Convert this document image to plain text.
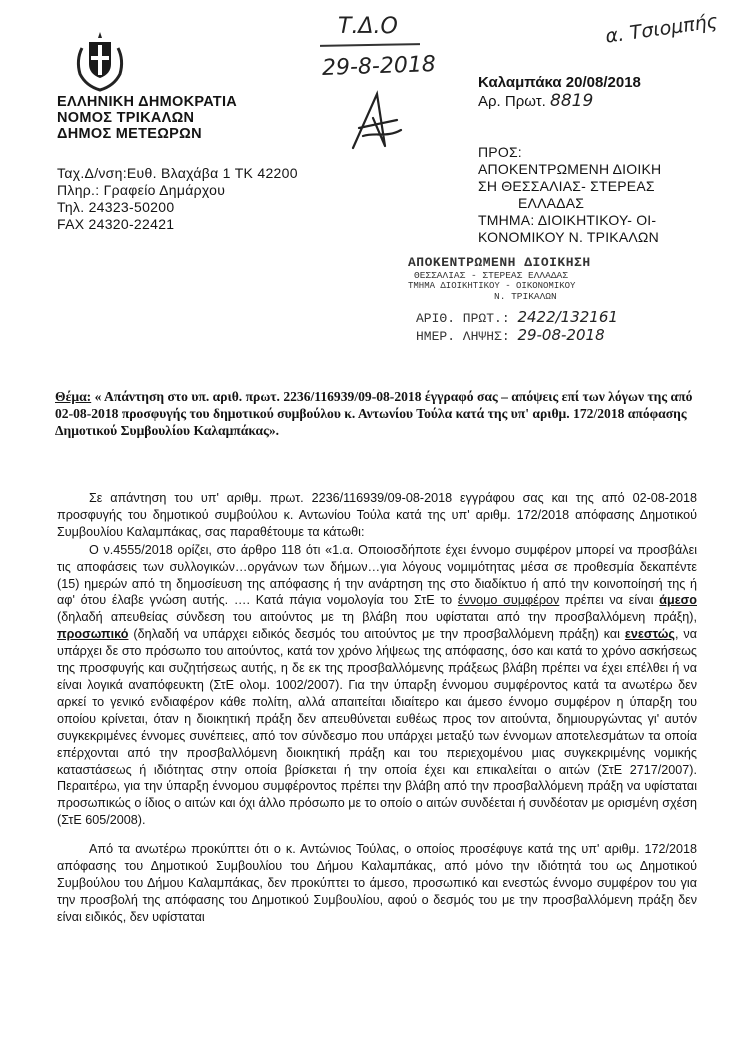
Τ.Δ.Ο
29-8-2018
α. Τσιομπής
ΕΛΛΗΝΙΚΗ ΔΗΜΟΚΡΑΤΙΑ
ΝΟΜΟΣ ΤΡΙΚΑΛΩΝ
ΔΗΜΟΣ ΜΕΤΕΩΡΩΝ
Καλαμπάκα 20/08/2018
Αρ. Πρωτ. 8819
Ταχ.Δ/νση:Ευθ. Βλαχάβα 1 ΤΚ 42200
Πληρ.: Γραφείο Δημάρχου
Τηλ. 24323-50200
FAX 24320-22421
ΠΡΟΣ:
ΑΠΟΚΕΝΤΡΩΜΕΝΗ ΔΙΟΙΚΗ
ΣΗ ΘΕΣΣΑΛΙΑΣ- ΣΤΕΡΕΑΣ
ΕΛΛΑΔΑΣ
ΤΜΗΜΑ: ΔΙΟΙΚΗΤΙΚΟΥ- ΟΙ-
ΚΟΝΟΜΙΚΟΥ Ν. ΤΡΙΚΑΛΩΝ
ΑΠΟΚΕΝΤΡΩΜΕΝΗ ΔΙΟΙΚΗΣΗ
ΘΕΣΣΑΛΙΑΣ - ΣΤΕΡΕΑΣ ΕΛΛΑΔΑΣ
ΤΜΗΜΑ ΔΙΟΙΚΗΤΙΚΟΥ - ΟΙΚΟΝΟΜΙΚΟΥ
Ν. ΤΡΙΚΑΛΩΝ
ΑΡΙΘ. ΠΡΩΤ.: 2422/132161
ΗΜΕΡ. ΛΗΨΗΣ: 29-08-2018
Θέμα: « Απάντηση στο υπ. αριθ. πρωτ. 2236/116939/09-08-2018 έγγραφό σας – απόψεις επί των λόγων της από 02-08-2018 προσφυγής του δημοτικού συμβούλου κ. Αντωνίου Τούλα κατά της υπ' αριθμ. 172/2018 απόφασης Δημοτικού Συμβουλίου Καλαμπάκας».

Σε απάντηση του υπ' αριθμ. πρωτ. 2236/116939/09-08-2018 εγγράφου σας και της από 02-08-2018 προσφυγής του δημοτικού συμβούλου κ. Αντωνίου Τούλα κατά της υπ' αριθμ. 172/2018 απόφασης Δημοτικού Συμβουλίου Καλαμπάκας, σας παραθέτουμε τα κάτωθι:

Ο ν.4555/2018 ορίζει, στο άρθρο 118 ότι «1.α. Οποιοσδήποτε έχει έννομο συμφέρον μπορεί να προσβάλει τις αποφάσεις των συλλογικών…οργάνων των δήμων…για λόγους νομιμότητας μέσα σε προθεσμία δεκαπέντε (15) ημερών από τη δημοσίευση της απόφασης ή την ανάρτηση της στο διαδίκτυο ή από την κοινοποίησή της ή αφ' ότου έλαβε γνώση αυτής. …. Κατά πάγια νομολογία του ΣτΕ το έννομο συμφέρον πρέπει να είναι άμεσο (δηλαδή απευθείας σύνδεση του αιτούντος με τη βλάβη που υφίσταται από την προσβαλλόμενη πράξη), προσωπικό (δηλαδή να υπάρχει ειδικός δεσμός του αιτούντος με την προσβαλλόμενη πράξη) και ενεστώς, να υπάρχει δε στο πρόσωπο του αιτούντος, κατά τον χρόνο λήψεως της απόφασης, όσο και κατά το χρόνο ασκήσεως της προσφυγής και συζητήσεως αυτής, η δε εκ της προσβαλλόμενης πράξεως βλάβη πρέπει να έχει επέλθει ή να είναι λογικά αναπόφευκτη (ΣτΕ ολομ. 1002/2007). Για την ύπαρξη έννομου συμφέροντος κατά τα ανωτέρω δεν αρκεί το γενικό ενδιαφέρον κάθε πολίτη, αλλά απαιτείται ιδιαίτερο και άμεσο έννομο συμφέρον η ύπαρξη του οποίου κρίνεται, όταν η διοικητική πράξη δεν απευθύνεται ευθέως προς τον αιτούντα, δημιουργώντας γι' αυτόν συγκεκριμένες έννομες συνέπειες, από τον σύνδεσμο που υπάρχει μεταξύ των έννομων αποτελεσμάτων τα οποία επέρχονται από την προσβαλλόμενη διοικητική πράξη και του περιεχομένου μιας συγκεκριμένης νομικής καταστάσεως ή ιδιότητας στην οποία βρίσκεται ή την οποία έχει και επικαλείται ο αιτών (ΣτΕ 2717/2007). Περαιτέρω, για την ύπαρξη έννομου συμφέροντος πρέπει την βλάβη από την προσβαλλόμενη πράξη να υφίσταται προσωπικώς ο ίδιος ο αιτών και όχι άλλο πρόσωπο με το οποίο ο αιτών συνδέεται ή συνδέοταν με ορισμένη σχέση (ΣτΕ 605/2008).

Από τα ανωτέρω προκύπτει ότι ο κ. Αντώνιος Τούλας, ο οποίος προσέφυγε κατά της υπ' αριθμ. 172/2018 απόφασης του Δημοτικού Συμβουλίου του Δήμου Καλαμπάκας, από μόνο την ιδιότητά του ως Δημοτικού Συμβούλου του Δήμου Καλαμπάκας, δεν προκύπτει το άμεσο, προσωπικό και ενεστώς έννομο συμφέρον του για την προσβολή της απόφασης του Δημοτικού Συμβουλίου, αφού ο δεσμός του με την προσβαλλόμενη πράξη δεν είναι ειδικός, δεν υφίσταται
